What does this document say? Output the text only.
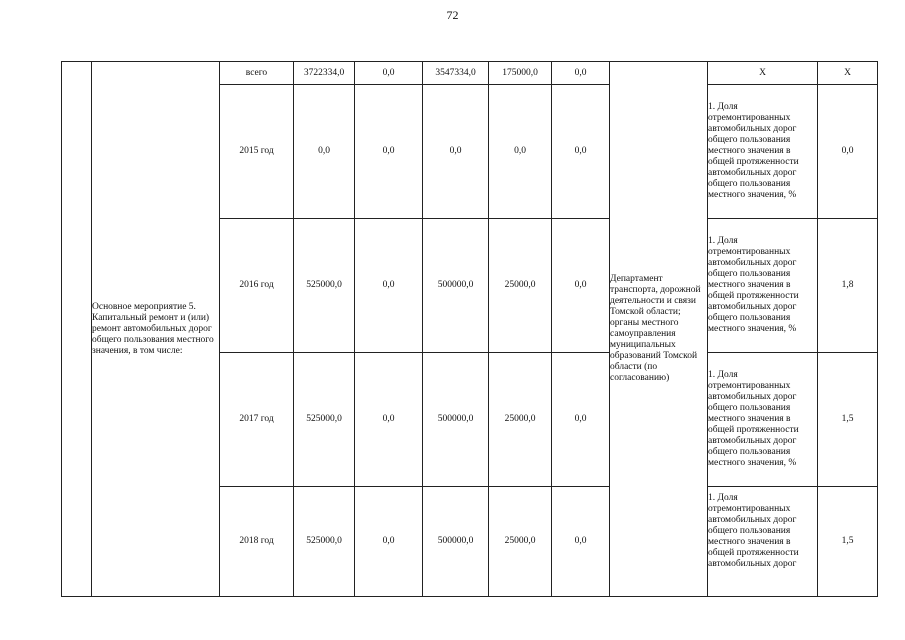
72
	Основное мероприятие 5. Капитальный ремонт и (или) ремонт автомобильных дорог общего пользования местного значения, в том числе:	всего	3722334,0	0,0	3547334,0	175000,0	0,0	Департамент транспорта, дорожной деятельности и связи Томской области; органы местного самоуправления муниципальных образований Томской области (по согласованию)	Х	Х
		2015 год	0,0	0,0	0,0	0,0	0,0		1. Доля отремонтированных автомобильных дорог общего пользования местного значения в общей протяженности автомобильных дорог общего пользования местного значения, %	0,0
		2016 год	525000,0	0,0	500000,0	25000,0	0,0		1. Доля отремонтированных автомобильных дорог общего пользования местного значения в общей протяженности автомобильных дорог общего пользования местного значения, %	1,8
		2017 год	525000,0	0,0	500000,0	25000,0	0,0		1. Доля отремонтированных автомобильных дорог общего пользования местного значения в общей протяженности автомобильных дорог общего пользования местного значения, %	1,5
		2018 год	525000,0	0,0	500000,0	25000,0	0,0		1. Доля отремонтированных автомобильных дорог общего пользования местного значения в общей протяженности автомобильных дорог	1,5
